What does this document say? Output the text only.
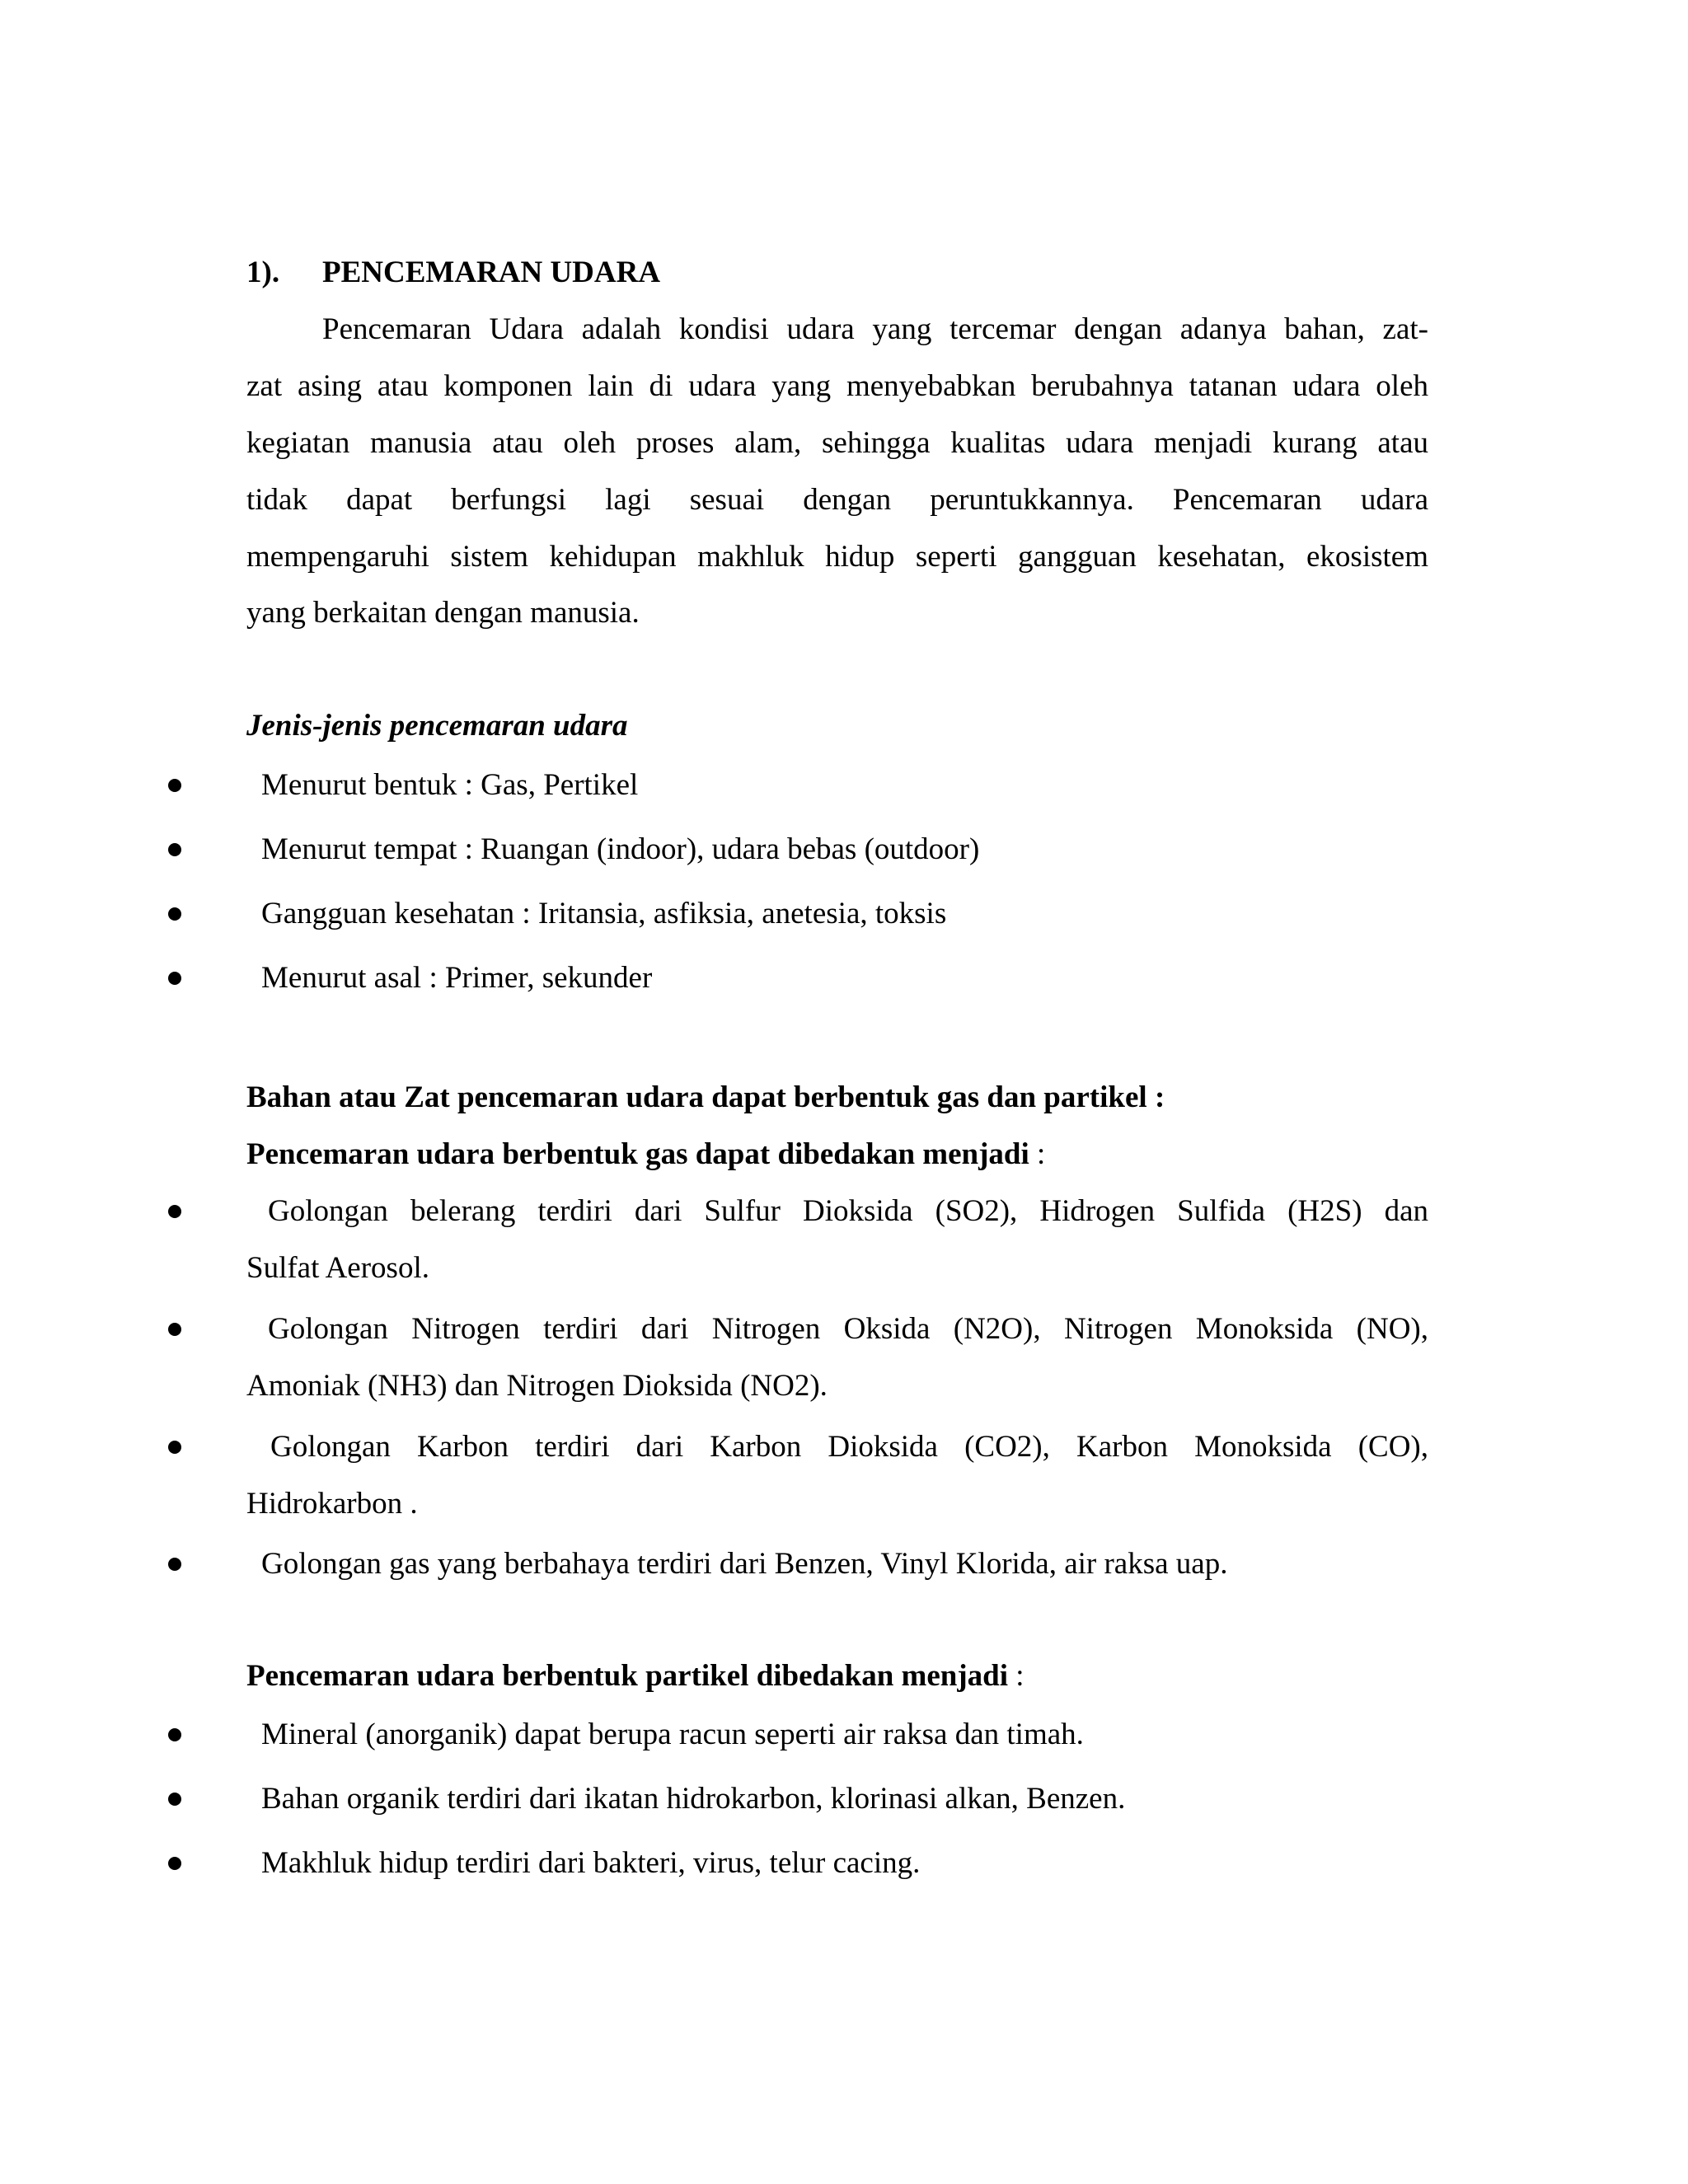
1). PENCEMARAN UDARA
Pencemaran Udara adalah kondisi udara yang tercemar dengan adanya bahan, zat-
zat asing atau komponen lain di udara yang menyebabkan berubahnya tatanan udara oleh
kegiatan manusia atau oleh proses alam, sehingga kualitas udara menjadi kurang atau
tidak dapat berfungsi lagi sesuai dengan peruntukkannya. Pencemaran udara
mempengaruhi sistem kehidupan makhluk hidup seperti gangguan kesehatan, ekosistem
yang berkaitan dengan manusia.
Jenis-jenis pencemaran udara
Menurut bentuk : Gas, Pertikel
Menurut tempat : Ruangan (indoor), udara bebas (outdoor)
Gangguan kesehatan : Iritansia, asfiksia, anetesia, toksis
Menurut asal : Primer, sekunder
Bahan atau Zat pencemaran udara dapat berbentuk gas dan partikel :
Pencemaran udara berbentuk gas dapat dibedakan menjadi :
Golongan belerang terdiri dari Sulfur Dioksida (SO2), Hidrogen Sulfida (H2S) dan
Sulfat Aerosol.
Golongan Nitrogen terdiri dari Nitrogen Oksida (N2O), Nitrogen Monoksida (NO),
Amoniak (NH3) dan Nitrogen Dioksida (NO2).
Golongan Karbon terdiri dari Karbon Dioksida (CO2), Karbon Monoksida (CO),
Hidrokarbon .
Golongan gas yang berbahaya terdiri dari Benzen, Vinyl Klorida, air raksa uap.
Pencemaran udara berbentuk partikel dibedakan menjadi :
Mineral (anorganik) dapat berupa racun seperti air raksa dan timah.
Bahan organik terdiri dari ikatan hidrokarbon, klorinasi alkan, Benzen.
Makhluk hidup terdiri dari bakteri, virus, telur cacing.
